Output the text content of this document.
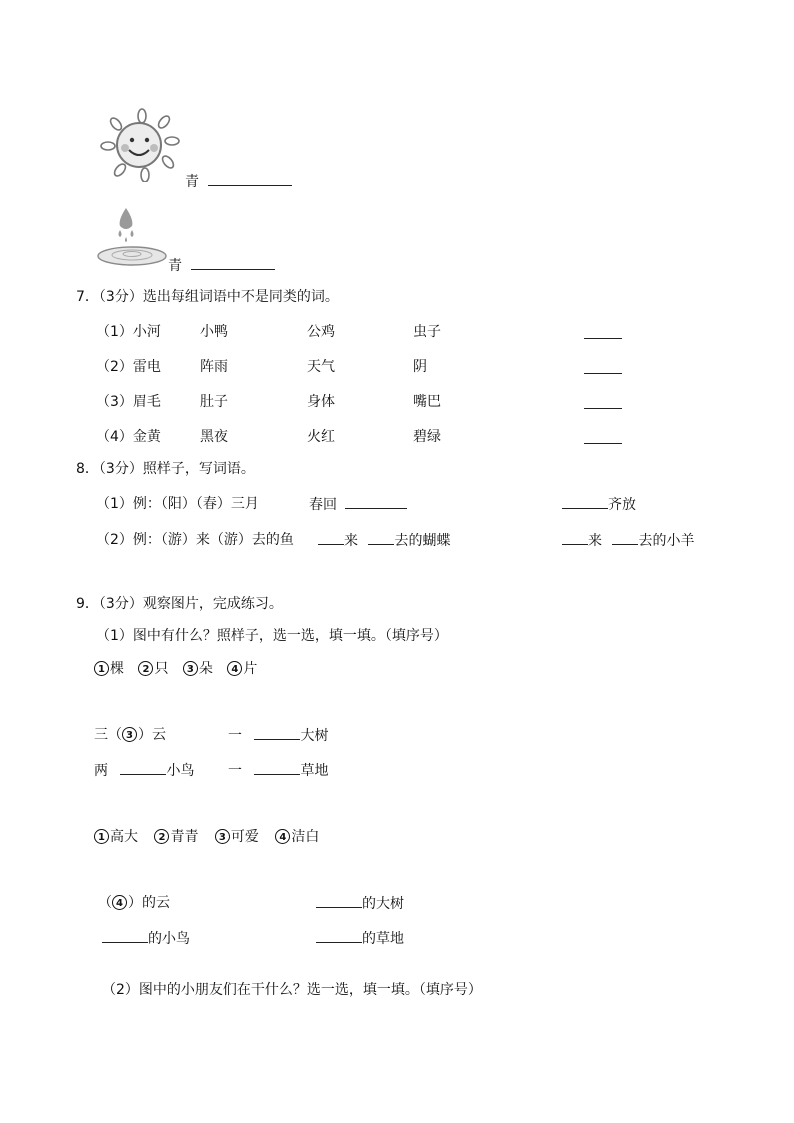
青
青
7．（3分）选出每组词语中不是同类的词。
（1）小河	小鸭	公鸡	虫子
（2）雷电	阵雨	天气	阴
（3）眉毛	肚子	身体	嘴巴
（4）金黄	黑夜	火红	碧绿
8．（3分）照样子，写词语。
（1）例：（阳）（春）三月	春回	齐放
（2）例：（游）来（游）去的鱼	来	去的蝴蝶	来	去的小羊
9．（3分）观察图片，完成练习。
（1）图中有什么？照样子，选一选，填一填。（填序号）
1 棵 2 只 3 朵 4 片
三（ 3 ）云	一	大树
两	小鸟 一	草地
1 高大 2 青青 3 可爱 4 洁白
（ 4 ）的云	的大树
的小鸟	的草地
（2）图中的小朋友们在干什么？选一选，填一填。（填序号）
